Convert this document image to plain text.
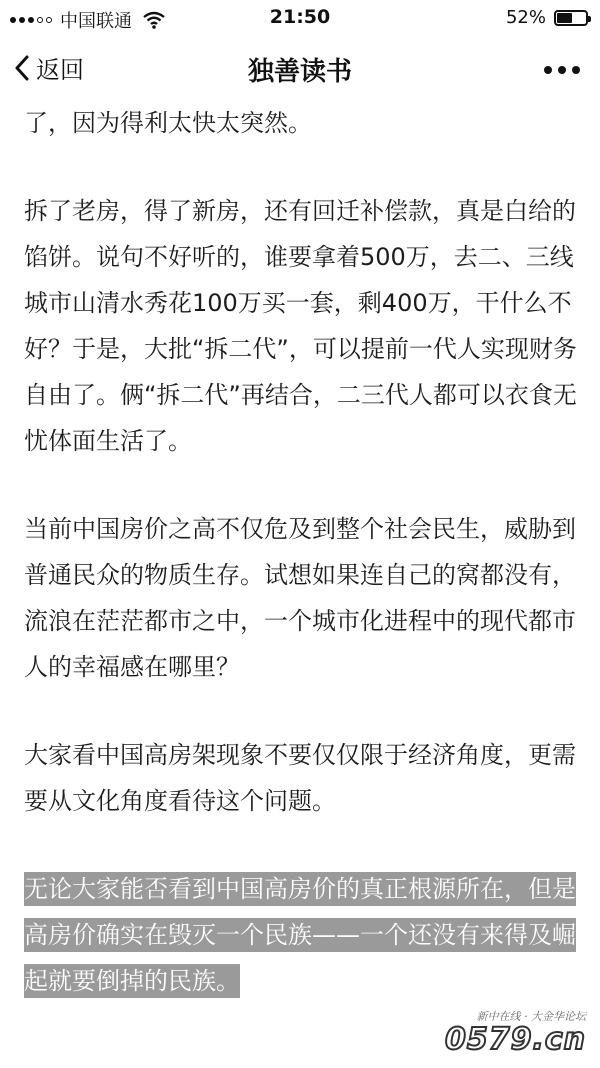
中国联通	21:50	52%
返回	独善读书

了，因为得利太快太突然。

拆了老房，得了新房，还有回迁补偿款，真是白给的馅饼。说句不好听的，谁要拿着500万，去二、三线城市山清水秀花100万买一套，剩400万，干什么不好？于是，大批“拆二代”，可以提前一代人实现财务自由了。俩“拆二代”再结合，二三代人都可以衣食无忧体面生活了。

当前中国房价之高不仅危及到整个社会民生，威胁到普通民众的物质生存。试想如果连自己的窝都没有，流浪在茫茫都市之中，一个城市化进程中的现代都市人的幸福感在哪里？

大家看中国高房架现象不要仅仅限于经济角度，更需要从文化角度看待这个问题。

无论大家能否看到中国高房价的真正根源所在，但是高房价确实在毁灭一个民族——一个还没有来得及崛起就要倒掉的民族。

新中在线 · 大金华论坛
0579.cn
